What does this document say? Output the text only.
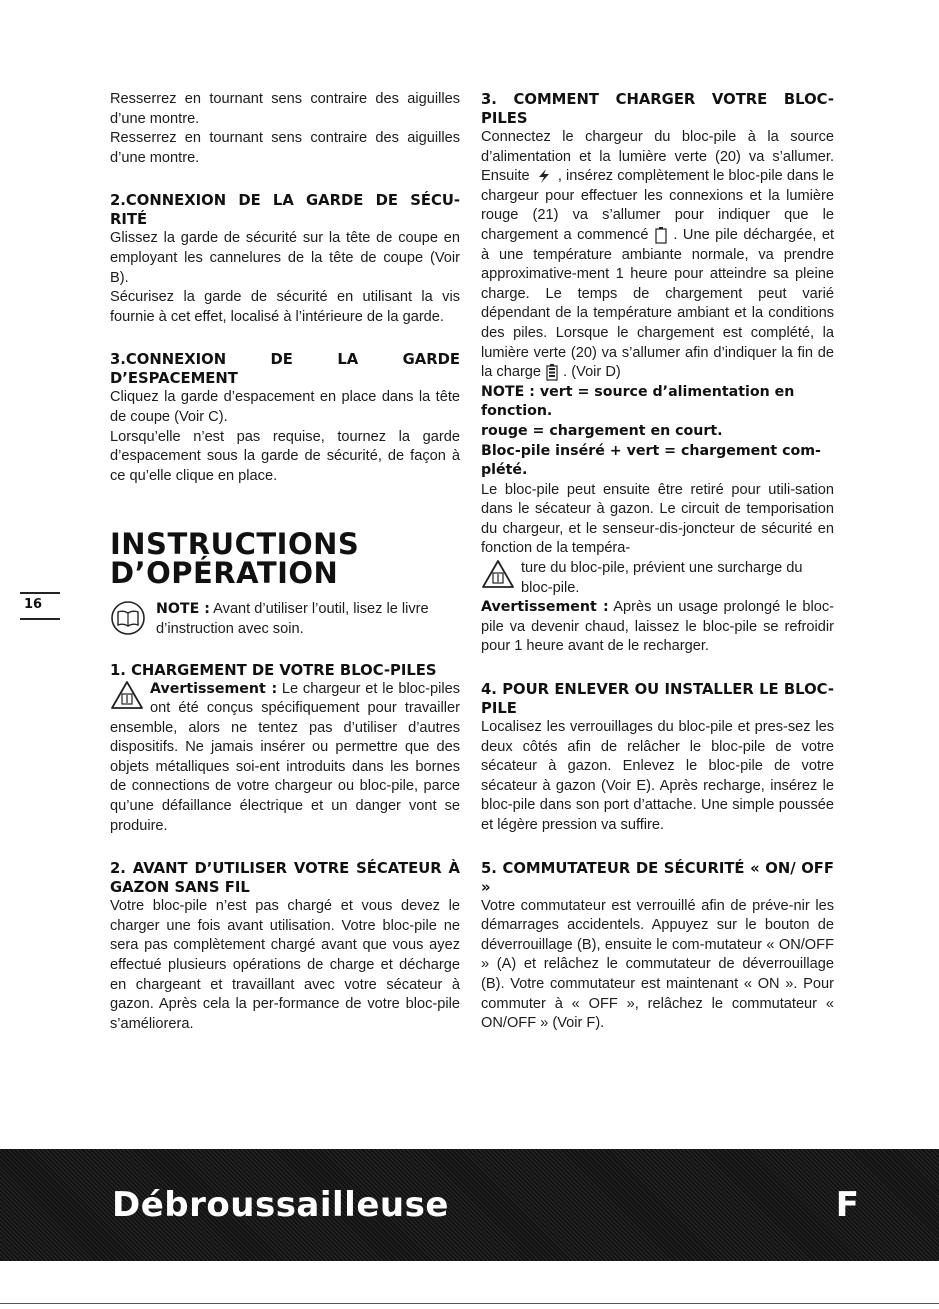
16

Resserrez en tournant sens contraire des aiguilles d’une montre.

Resserrez en tournant sens contraire des aiguilles d’une montre.

2.CONNEXION DE LA GARDE DE SÉCU-RITÉ

Glissez la garde de sécurité sur la tête de coupe en employant les cannelures de la tête de coupe (Voir B).

Sécurisez la garde de sécurité en utilisant la vis fournie à cet effet, localisé à l’intérieure de la garde.

3.CONNEXION DE LA GARDE D’ESPACEMENT

Cliquez la garde d’espacement en place dans la tête de coupe (Voir C).

Lorsqu’elle n’est pas requise, tournez la garde d’espacement sous la garde de sécurité, de façon à ce qu’elle clique en place.

INSTRUCTIONS

D’OPÉRATION

NOTE : Avant d’utiliser l’outil, lisez le livre d’instruction avec soin.

1. CHARGEMENT DE VOTRE BLOC-PILES

Avertissement : Le chargeur et le bloc-piles ont été conçus spécifiquement pour travailler ensemble, alors ne tentez pas d’utiliser d’autres dispositifs. Ne jamais insérer ou permettre que des objets métalliques soi-ent introduits dans les bornes de connections de votre chargeur ou bloc-pile, parce qu’une défaillance électrique et un danger vont se produire.

2. AVANT D’UTILISER VOTRE SÉCATEUR À GAZON SANS FIL

Votre bloc-pile n’est pas chargé et vous devez le charger une fois avant utilisation. Votre bloc-pile ne sera pas complètement chargé avant que vous ayez effectué plusieurs opérations de charge et décharge en chargeant et travaillant avec votre sécateur à gazon. Après cela la per-formance de votre bloc-pile s’améliorera.

3. COMMENT CHARGER VOTRE BLOC-PILES

Connectez le chargeur du bloc-pile à la source d’alimentation et la lumière verte (20) va s’allumer. Ensuite , insérez complètement le bloc-pile dans le chargeur pour effectuer les connexions et la lumière rouge (21) va s’allumer pour indiquer que le chargement a commencé . Une pile déchargée, et à une température ambiante normale, va prendre approximative-ment 1 heure pour atteindre sa pleine charge. Le temps de chargement peut varié dépendant de la température ambiant et la conditions des piles. Lorsque le chargement est complété, la lumière verte (20) va s’allumer afin d’indiquer la fin de la charge . (Voir D)

NOTE : vert = source d’alimentation en fonction.

rouge = chargement en court.

Bloc-pile inséré + vert = chargement com-plété.

Le bloc-pile peut ensuite être retiré pour utili-sation dans le sécateur à gazon. Le circuit de temporisation du chargeur, et le senseur-dis-joncteur de sécurité en fonction de la tempéra-

ture du bloc-pile, prévient une surcharge du bloc-pile.

Avertissement : Après un usage prolongé le bloc-pile va devenir chaud, laissez le bloc-pile se refroidir pour 1 heure avant de le recharger.

4. POUR ENLEVER OU INSTALLER LE BLOC-PILE

Localisez les verrouillages du bloc-pile et pres-sez les deux côtés afin de relâcher le bloc-pile de votre sécateur à gazon. Enlevez le bloc-pile de votre sécateur à gazon (Voir E). Après recharge, insérez le bloc-pile dans son port d’attache. Une simple poussée et légère pression va suffire.

5. COMMUTATEUR DE SÉCURITÉ « ON/ OFF »

Votre commutateur est verrouillé afin de préve-nir les démarrages accidentels. Appuyez sur le bouton de déverrouillage (B), ensuite le com-mutateur « ON/OFF » (A) et relâchez le commutateur de déverrouillage (B). Votre commutateur est maintenant « ON ». Pour commuter à « OFF », relâchez le commutateur « ON/OFF » (Voir F).

Débroussailleuse	F
